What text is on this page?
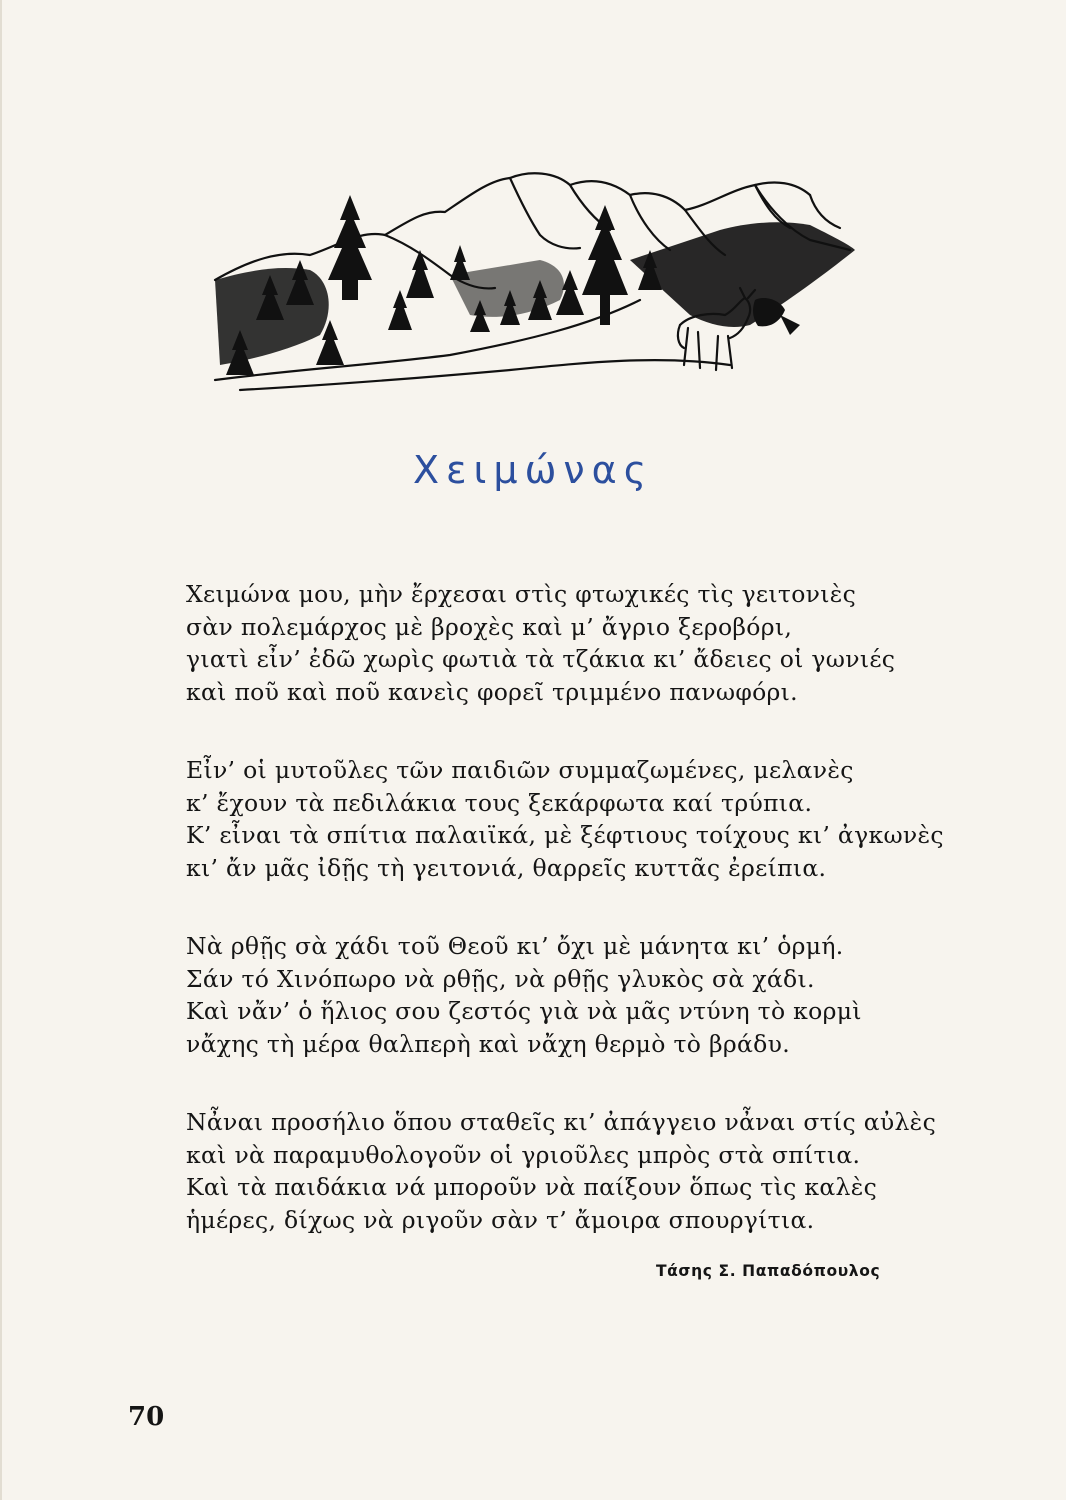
Χειμώνας
Χειμώνα μου, μὴν ἔρχεσαι στὶς φτωχικές τὶς γειτονιὲς
σὰν πολεμάρχος μὲ βροχὲς καὶ μ’ ἄγριο ξεροβόρι,
γιατὶ εἶν’ ἐδῶ χωρὶς φωτιὰ τὰ τζάκια κι’ ἄδειες οἱ γωνιές
καὶ ποῦ καὶ ποῦ κανεὶς φορεῖ τριμμένο πανωφόρι.
Εἶν’ οἱ μυτοῦλες τῶν παιδιῶν συμμαζωμένες, μελανὲς
κ’ ἔχουν τὰ πεδιλάκια τους ξεκάρφωτα καί τρύπια.
Κ’ εἶναι τὰ σπίτια παλαιϊκά, μὲ ξέφτιους τοίχους κι’ ἀγκωνὲς
κι’ ἄν μᾶς ἰδῇς τὴ γειτονιά, θαρρεῖς κυττᾶς ἐρείπια.
Νὰ ρθῇς σὰ χάδι τοῦ Θεοῦ κι’ ὄχι μὲ μάνητα κι’ ὁρμή.
Σάν τό Χινόπωρο νὰ ρθῇς, νὰ ρθῇς γλυκὸς σὰ χάδι.
Καὶ νἄν’ ὁ ἥλιος σου ζεστός γιὰ νὰ μᾶς ντύνη τὸ κορμὶ
νἄχης τὴ μέρα θαλπερὴ καὶ νἄχη θερμὸ τὸ βράδυ.
Νἆναι προσήλιο ὅπου σταθεῖς κι’ ἀπάγγειο νἆναι στίς αὐλὲς
καὶ νὰ παραμυθολογοῦν οἱ γριοῦλες μπρὸς στὰ σπίτια.
Καὶ τὰ παιδάκια νά μποροῦν νὰ παίξουν ὅπως τὶς καλὲς
ἡμέρες, δίχως νὰ ριγοῦν σὰν τ’ ἄμοιρα σπουργίτια.
Τάσης Σ. Παπαδόπουλος
70
